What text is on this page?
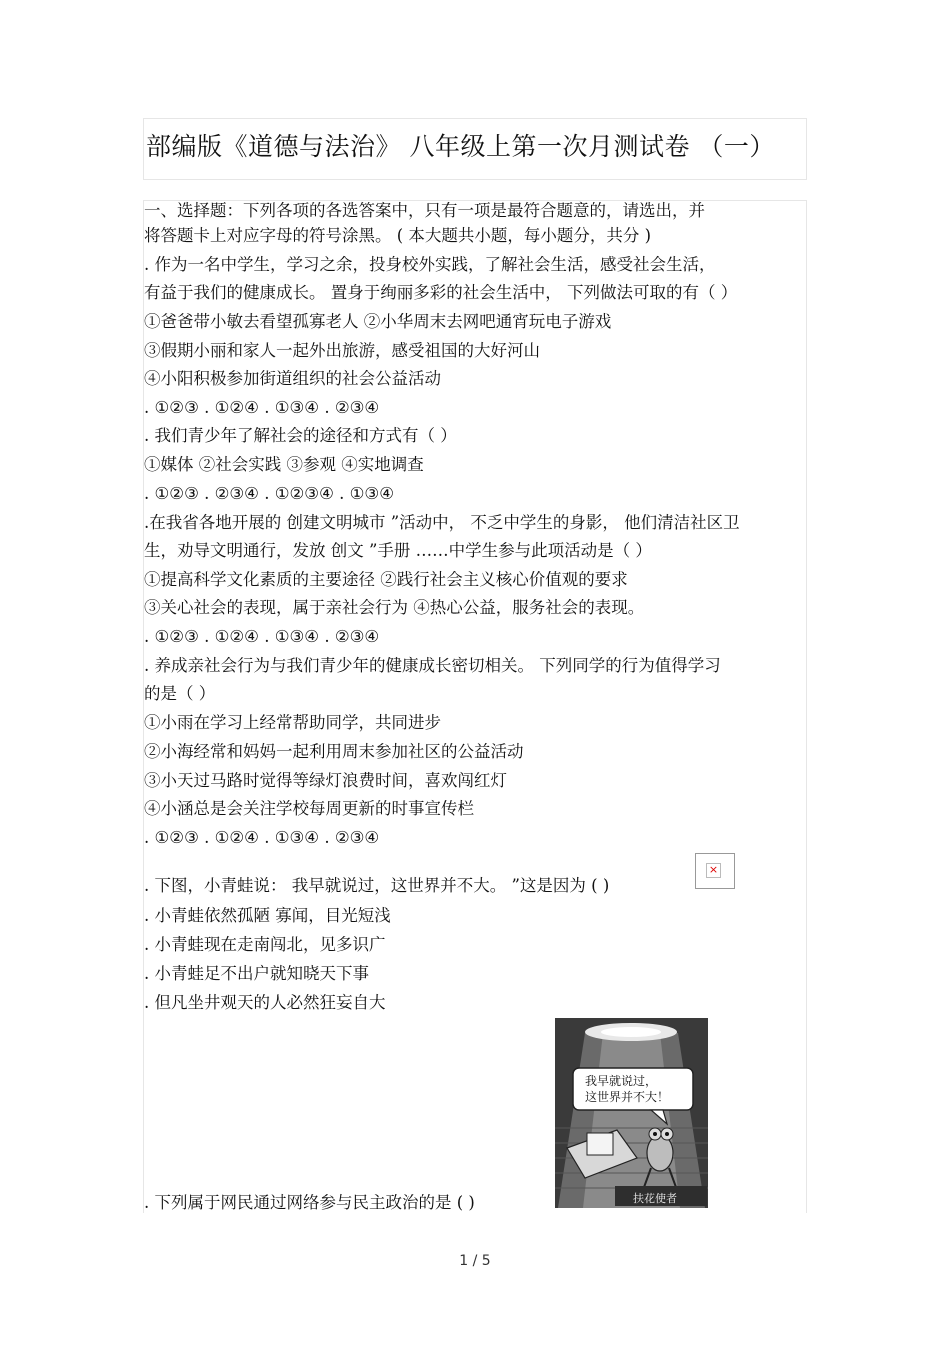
部编版《道德与法治》 八年级上第一次月测试卷 （一）
一、选择题：下列各项的各选答案中，只有一项是最符合题意的，请选出，并
将答题卡上对应字母的符号涂黑。 ( 本大题共小题，每小题分，共分 )
. 作为一名中学生，学习之余，投身校外实践，了解社会生活，感受社会生活，
有益于我们的健康成长。 置身于绚丽多彩的社会生活中， 下列做法可取的有（ ）
①爸爸带小敏去看望孤寡老人 ②小华周末去网吧通宵玩电子游戏
③假期小丽和家人一起外出旅游，感受祖国的大好河山
④小阳积极参加街道组织的社会公益活动
. ①②③ . ①②④ . ①③④ . ②③④
. 我们青少年了解社会的途径和方式有（ ）
①媒体 ②社会实践 ③参观 ④实地调查
. ①②③ . ②③④ . ①②③④ . ①③④
.在我省各地开展的 创建文明城市 ”活动中， 不乏中学生的身影， 他们清洁社区卫
生，劝导文明通行，发放 创文 ”手册 ……中学生参与此项活动是（ ）
①提高科学文化素质的主要途径 ②践行社会主义核心价值观的要求
③关心社会的表现，属于亲社会行为 ④热心公益，服务社会的表现。
. ①②③ . ①②④ . ①③④ . ②③④
. 养成亲社会行为与我们青少年的健康成长密切相关。 下列同学的行为值得学习
的是（ ）
①小雨在学习上经常帮助同学，共同进步
②小海经常和妈妈一起利用周末参加社区的公益活动
③小天过马路时觉得等绿灯浪费时间，喜欢闯红灯
④小涵总是会关注学校每周更新的时事宣传栏
. ①②③ . ①②④ . ①③④ . ②③④
. 下图，小青蛙说： 我早就说过，这世界并不大。 ”这是因为 ( )
. 小青蛙依然孤陋 寡闻，目光短浅
. 小青蛙现在走南闯北，见多识广
. 小青蛙足不出户就知晓天下事
. 但凡坐井观天的人必然狂妄自大
. 下列属于网民通过网络参与民主政治的是 ( )
×
我早就说过，
这世界并不大！
扶花使者
1 / 5
